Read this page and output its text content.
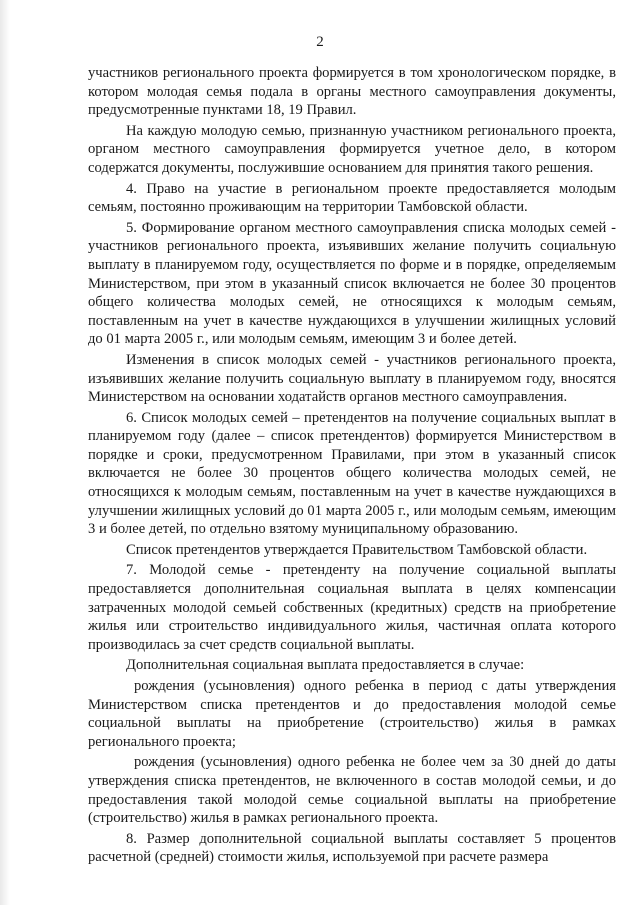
2

участников регионального проекта формируется в том хронологическом порядке, в котором молодая семья подала в органы местного самоуправления документы, предусмотренные пунктами 18, 19 Правил.

На каждую молодую семью, признанную участником регионального проекта, органом местного самоуправления формируется учетное дело, в котором содержатся документы, послужившие основанием для принятия такого решения.

4. Право на участие в региональном проекте предоставляется молодым семьям, постоянно проживающим на территории Тамбовской области.

5. Формирование органом местного самоуправления списка молодых семей - участников регионального проекта, изъявивших желание получить социальную выплату в планируемом году, осуществляется по форме и в порядке, определяемым Министерством, при этом в указанный список включается не более 30 процентов общего количества молодых семей, не относящихся к молодым семьям, поставленным на учет в качестве нуждающихся в улучшении жилищных условий до 01 марта 2005 г., или молодым семьям, имеющим 3 и более детей.

Изменения в список молодых семей - участников регионального проекта, изъявивших желание получить социальную выплату в планируемом году, вносятся Министерством на основании ходатайств органов местного самоуправления.

6. Список молодых семей – претендентов на получение социальных выплат в планируемом году (далее – список претендентов) формируется Министерством в порядке и сроки, предусмотренном Правилами, при этом в указанный список включается не более 30 процентов общего количества молодых семей, не относящихся к молодым семьям, поставленным на учет в качестве нуждающихся в улучшении жилищных условий до 01 марта 2005 г., или молодым семьям, имеющим 3 и более детей, по отдельно взятому муниципальному образованию.

Список претендентов утверждается Правительством Тамбовской области.

7. Молодой семье - претенденту на получение социальной выплаты предоставляется дополнительная социальная выплата в целях компенсации затраченных молодой семьей собственных (кредитных) средств на приобретение жилья или строительство индивидуального жилья, частичная оплата которого производилась за счет средств социальной выплаты.

Дополнительная социальная выплата предоставляется в случае:

рождения (усыновления) одного ребенка в период с даты утверждения Министерством списка претендентов и до предоставления молодой семье социальной выплаты на приобретение (строительство) жилья в рамках регионального проекта;

рождения (усыновления) одного ребенка не более чем за 30 дней до даты утверждения списка претендентов, не включенного в состав молодой семьи, и до предоставления такой молодой семье социальной выплаты на приобретение (строительство) жилья в рамках регионального проекта.

8. Размер дополнительной социальной выплаты составляет 5 процентов расчетной (средней) стоимости жилья, используемой при расчете размера
